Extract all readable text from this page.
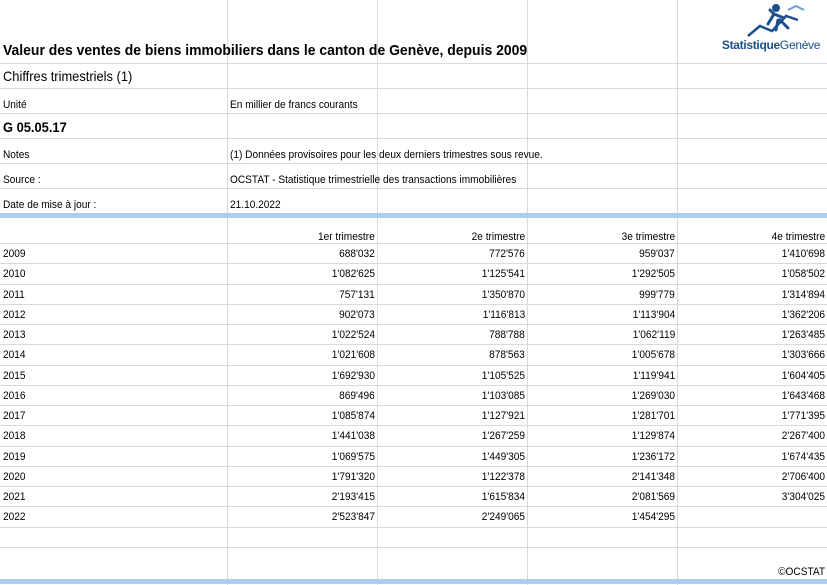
StatistiqueGenève
Valeur des ventes de biens immobiliers dans le canton de Genève, depuis 2009
Chiffres trimestriels (1)
Unité	En millier de francs courants
G 05.05.17
Notes	(1) Données provisoires pour les deux derniers trimestres sous revue.
Source :	OCSTAT - Statistique trimestrielle des transactions immobilières
Date de mise à jour :	21.10.2022
1er trimestre	2e trimestre	3e trimestre	4e trimestre
2009	688'032	772'576	959'037	1'410'698
2010	1'082'625	1'125'541	1'292'505	1'058'502
2011	757'131	1'350'870	999'779	1'314'894
2012	902'073	1'116'813	1'113'904	1'362'206
2013	1'022'524	788'788	1'062'119	1'263'485
2014	1'021'608	878'563	1'005'678	1'303'666
2015	1'692'930	1'105'525	1'119'941	1'604'405
2016	869'496	1'103'085	1'269'030	1'643'468
2017	1'085'874	1'127'921	1'281'701	1'771'395
2018	1'441'038	1'267'259	1'129'874	2'267'400
2019	1'069'575	1'449'305	1'236'172	1'674'435
2020	1'791'320	1'122'378	2'141'348	2'706'400
2021	2'193'415	1'615'834	2'081'569	3'304'025
2022	2'523'847	2'249'065	1'454'295
©OCSTAT
